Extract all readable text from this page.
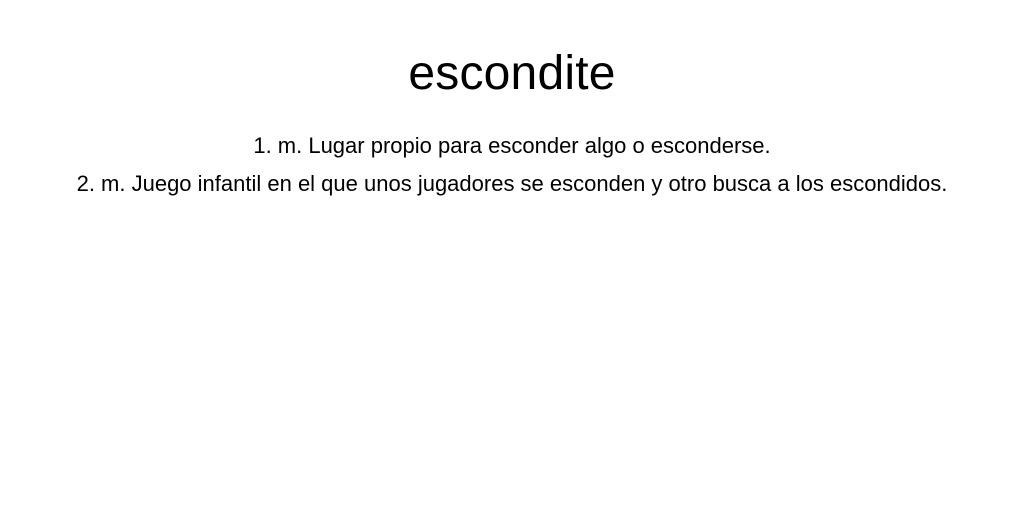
escondite
1. m. Lugar propio para esconder algo o esconderse.
2. m. Juego infantil en el que unos jugadores se esconden y otro busca a los escondidos.
